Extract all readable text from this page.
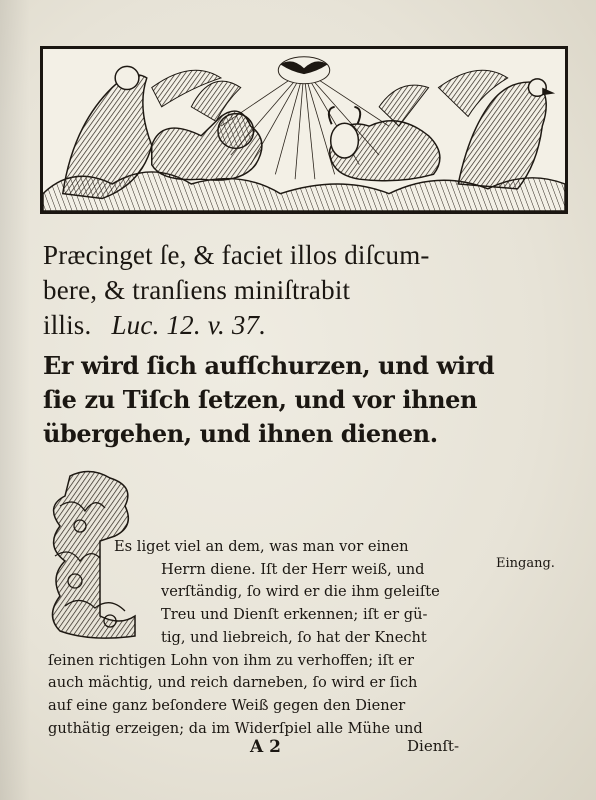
Præcinget ſe, & faciet illos diſcum-
bere, & tranſiens miniſtrabit
illis. Luc. 12. v. 37.
Er wird ſich aufſchurzen, und wird
ſie zu Tiſch ſetzen, und vor ihnen
übergehen, und ihnen dienen.
Es liget viel an dem, was man vor einen
Herrn diene. Iſt der Herr weiß, und
verſtändig, ſo wird er die ihm geleiſte
Treu und Dienſt erkennen; iſt er gü-
tig, und liebreich, ſo hat der Knecht
ſeinen richtigen Lohn von ihm zu verhoffen; iſt er
auch mächtig, und reich darneben, ſo wird er ſich
auf eine ganz beſondere Weiß gegen den Diener
guthätig erzeigen; da im Widerſpiel alle Mühe und
Eingang.
A 2	Dienſt-
